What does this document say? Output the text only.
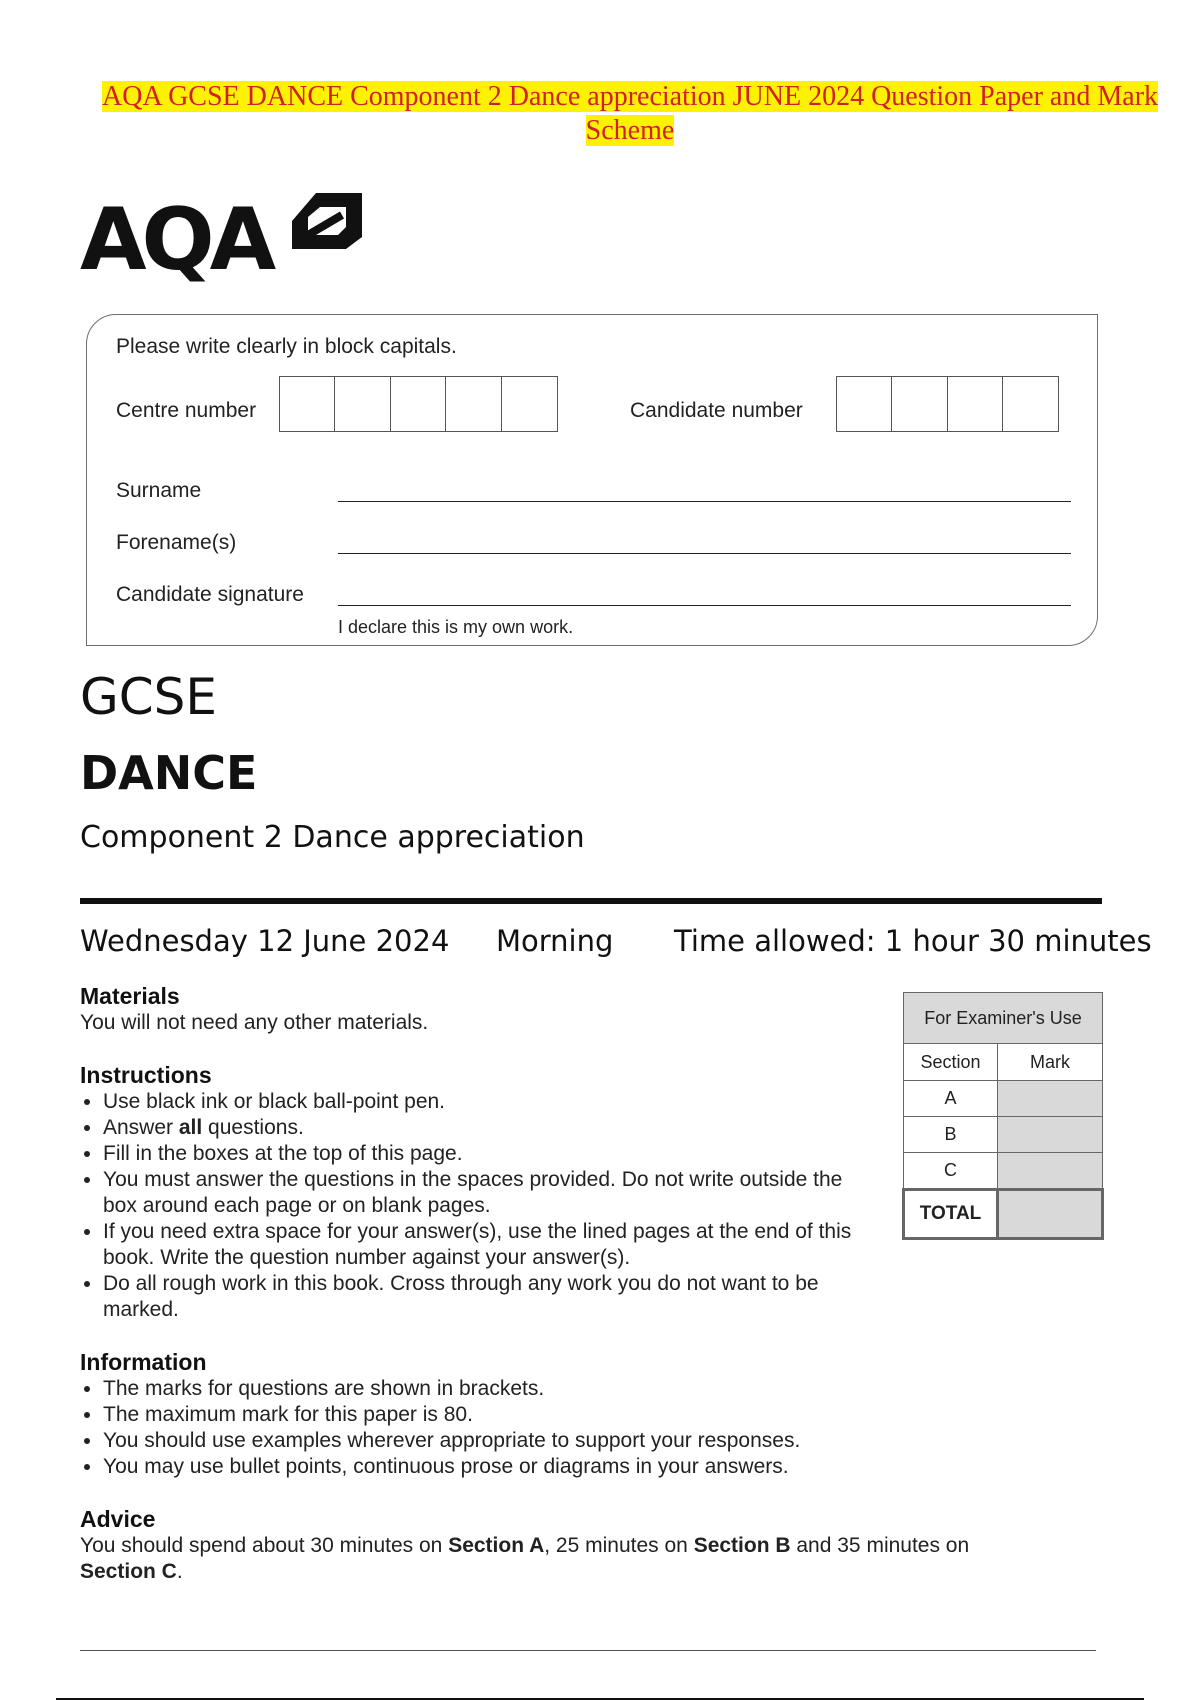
AQA GCSE DANCE Component 2 Dance appreciation JUNE 2024 Question Paper and Mark Scheme
AQA
Please write clearly in block capitals.
Centre number	Candidate number
Surname
Forename(s)
Candidate signature
I declare this is my own work.
GCSE
DANCE
Component 2 Dance appreciation
Wednesday 12 June 2024 Morning Time allowed: 1 hour 30 minutes

Materials

You will not need any other materials.

Instructions

• Use black ink or black ball-point pen.
• Answer all questions.
• Fill in the boxes at the top of this page.
• You must answer the questions in the spaces provided. Do not write outside the box around each page or on blank pages.
• If you need extra space for your answer(s), use the lined pages at the end of this book. Write the question number against your answer(s).
• Do all rough work in this book. Cross through any work you do not want to be marked.

Information

• The marks for questions are shown in brackets.
• The maximum mark for this paper is 80.
• You should use examples wherever appropriate to support your responses.
• You may use bullet points, continuous prose or diagrams in your answers.

Advice

You should spend about 30 minutes on Section A, 25 minutes on Section B and 35 minutes on Section C.

For Examiner's Use	
Section	Mark
A	
B	
C	
TOTAL	
